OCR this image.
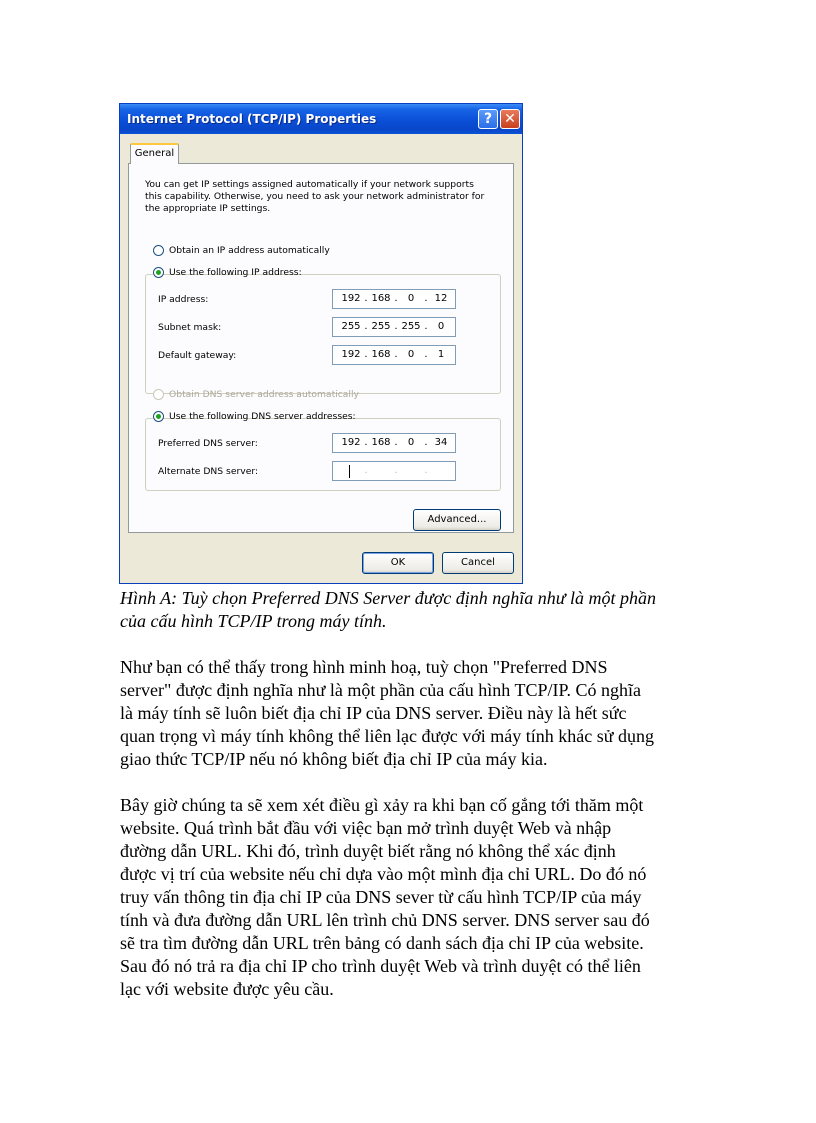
Internet Protocol (TCP/IP) Properties	? ✕
General
You can get IP settings assigned automatically if your network supports
this capability. Otherwise, you need to ask your network administrator for
the appropriate IP settings.
Obtain an IP address automatically
Use the following IP address:
IP address:	192 . 168 .	0	. 12
Subnet mask:	255 . 255 . 255 .	0
Default gateway:	192 . 168 .	0	.	1
Obtain DNS server address automatically
Use the following DNS server addresses:
Preferred DNS server:	192 . 168 .	0	. 34
Alternate DNS server:	.	.	.
Advanced...
OK	Cancel

Hình A: Tuỳ chọn Preferred DNS Server được định nghĩa như là một phần

của cấu hình TCP/IP trong máy tính.

Như bạn có thể thấy trong hình minh hoạ, tuỳ chọn "Preferred DNS

server" được định nghĩa như là một phần của cấu hình TCP/IP. Có nghĩa

là máy tính sẽ luôn biết địa chỉ IP của DNS server. Điều này là hết sức

quan trọng vì máy tính không thể liên lạc được với máy tính khác sử dụng

giao thức TCP/IP nếu nó không biết địa chỉ IP của máy kia.

Bây giờ chúng ta sẽ xem xét điều gì xảy ra khi bạn cố gắng tới thăm một

website. Quá trình bắt đầu với việc bạn mở trình duyệt Web và nhập

đường dẫn URL. Khi đó, trình duyệt biết rằng nó không thể xác định

được vị trí của website nếu chỉ dựa vào một mình địa chỉ URL. Do đó nó

truy vấn thông tin địa chỉ IP của DNS sever từ cấu hình TCP/IP của máy

tính và đưa đường dẫn URL lên trình chủ DNS server. DNS server sau đó

sẽ tra tìm đường dẫn URL trên bảng có danh sách địa chỉ IP của website.

Sau đó nó trả ra địa chỉ IP cho trình duyệt Web và trình duyệt có thể liên

lạc với website được yêu cầu.
